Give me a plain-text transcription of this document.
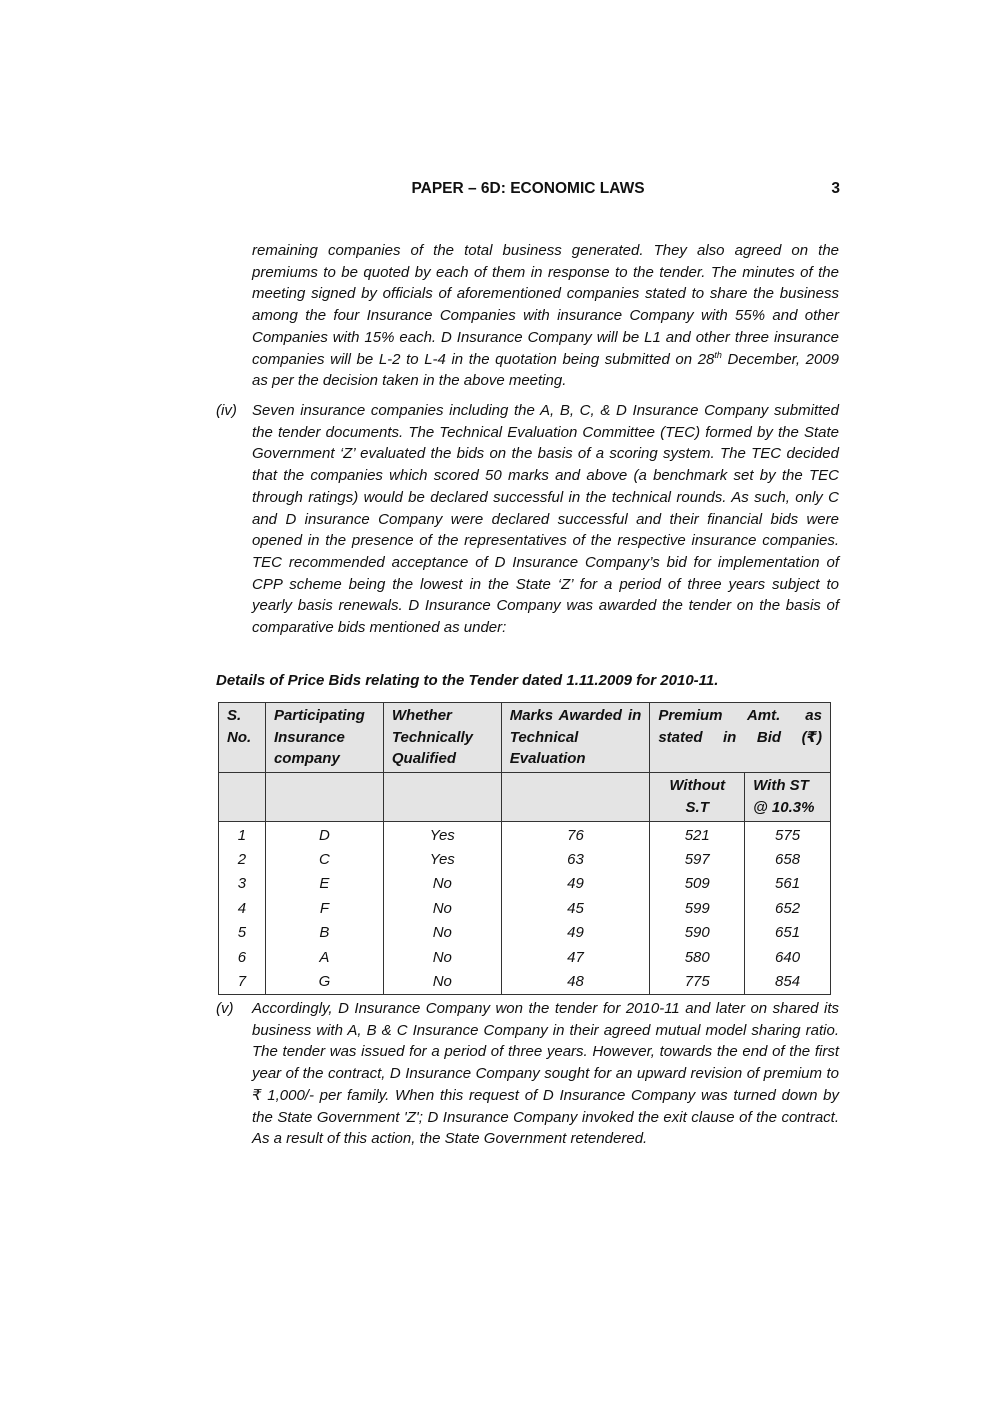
PAPER – 6D: ECONOMIC LAWS	3

remaining companies of the total business generated. They also agreed on the premiums to be quoted by each of them in response to the tender. The minutes of the meeting signed by officials of aforementioned companies stated to share the business among the four Insurance Companies with insurance Company with 55% and other Companies with 15% each. D Insurance Company will be L1 and other three insurance companies will be L-2 to L-4 in the quotation being submitted on 28th December, 2009 as per the decision taken in the above meeting.

(iv) Seven insurance companies including the A, B, C, & D Insurance Company submitted the tender documents. The Technical Evaluation Committee (TEC) formed by the State Government ‘Z’ evaluated the bids on the basis of a scoring system. The TEC decided that the companies which scored 50 marks and above (a benchmark set by the TEC through ratings) would be declared successful in the technical rounds. As such, only C and D insurance Company were declared successful and their financial bids were opened in the presence of the representatives of the respective insurance companies. TEC recommended acceptance of D Insurance Company’s bid for implementation of CPP scheme being the lowest in the State ‘Z’ for a period of three years subject to yearly basis renewals. D Insurance Company was awarded the tender on the basis of comparative bids mentioned as under:

Details of Price Bids relating to the Tender dated 1.11.2009 for 2010-11.
S. No.	Participating Insurance company	Whether Technically Qualified	Marks Awarded in Technical Evaluation	Premium Amt. as stated in Bid (₹)	
				Without S.T	With ST @ 10.3%
1	D	Yes	76	521	575
2	C	Yes	63	597	658
3	E	No	49	509	561
4	F	No	45	599	652
5	B	No	49	590	651
6	A	No	47	580	640
7	G	No	48	775	854
(v) Accordingly, D Insurance Company won the tender for 2010-11 and later on shared its business with A, B & C Insurance Company in their agreed mutual model sharing ratio. The tender was issued for a period of three years. However, towards the end of the first year of the contract, D Insurance Company sought for an upward revision of premium to ₹ 1,000/- per family. When this request of D Insurance Company was turned down by the State Government 'Z'; D Insurance Company invoked the exit clause of the contract. As a result of this action, the State Government retendered.
